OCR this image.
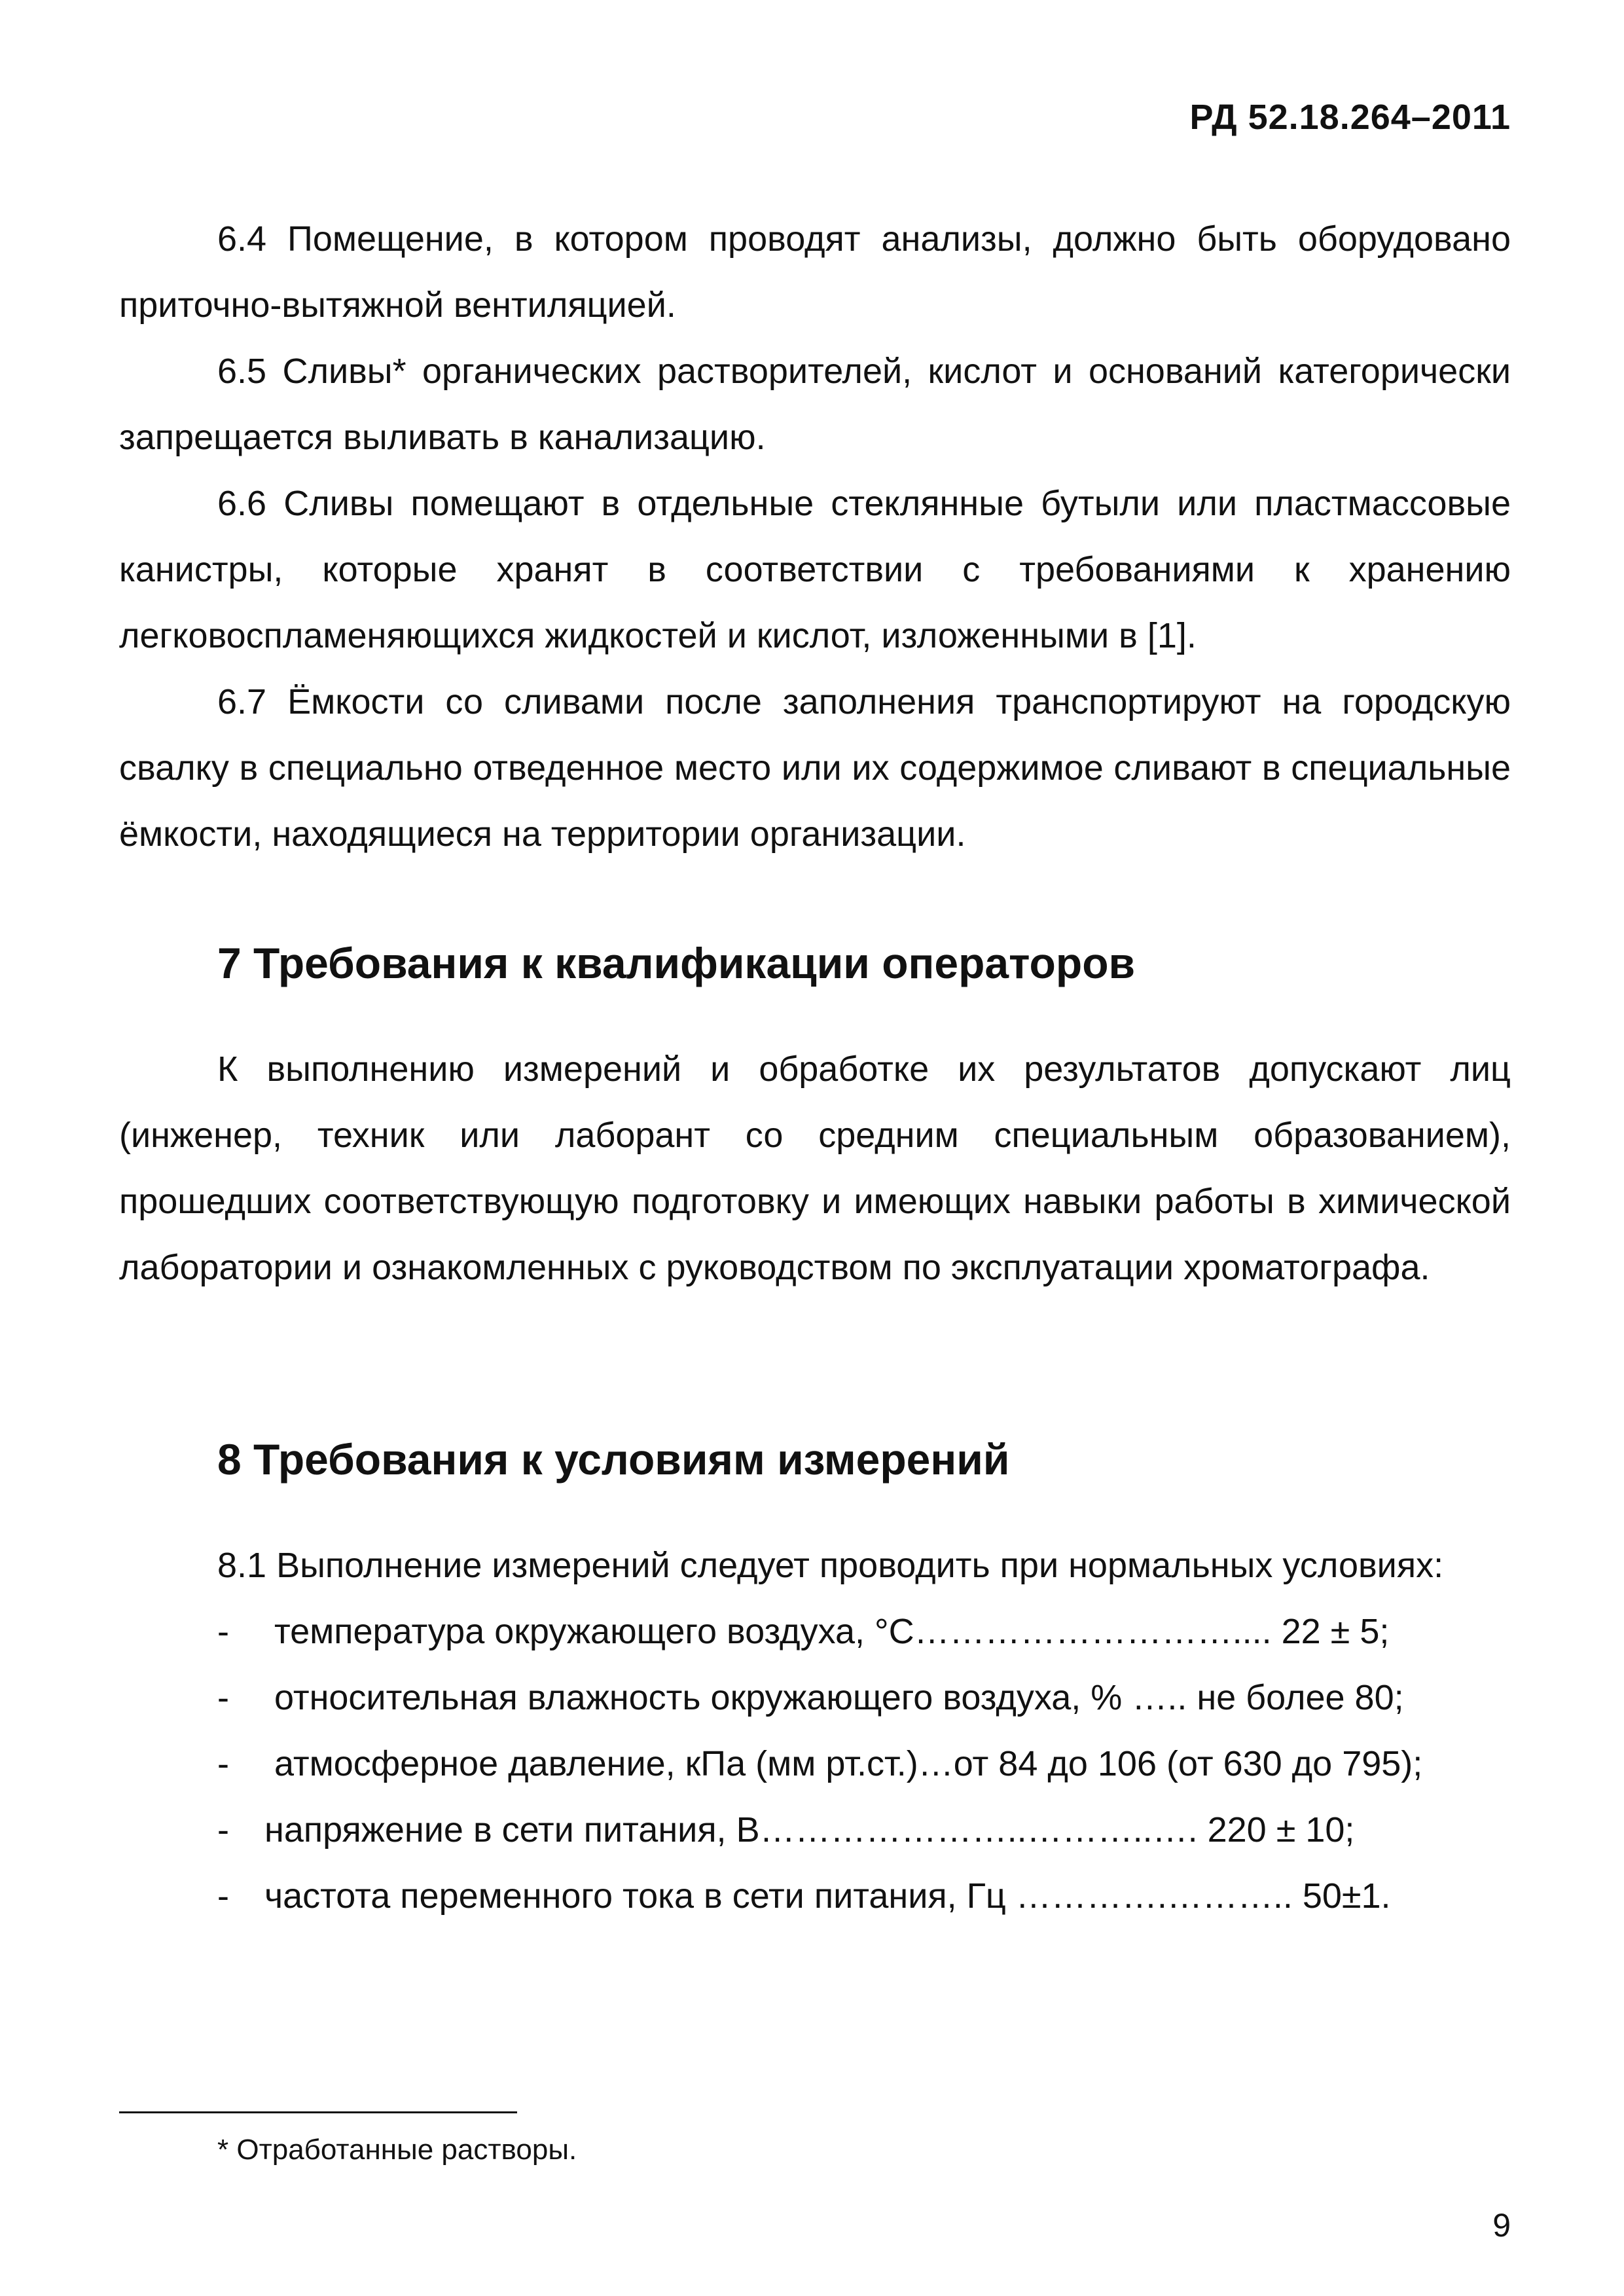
РД 52.18.264–2011

6.4 Помещение, в котором проводят анализы, должно быть оборудовано приточно-вытяжной вентиляцией.

6.5 Сливы* органических растворителей, кислот и оснований категорически запрещается выливать в канализацию.

6.6 Сливы помещают в отдельные стеклянные бутыли или пластмассовые канистры, которые хранят в соответствии с требованиями к хранению легковоспламеняющихся жидкостей и кислот, изложенными в [1].

6.7 Ёмкости со сливами после заполнения транспортируют на городскую свалку в специально отведенное место или их содержимое сливают в специальные ёмкости, находящиеся на территории организации.

7 Требования к квалификации операторов

К выполнению измерений и обработке их результатов допускают лиц (инженер, техник или лаборант со средним специальным образованием), прошедших соответствующую подготовку и имеющих навыки работы в химической лаборатории и ознакомленных с руководством по эксплуатации хроматографа.

8 Требования к условиям измерений

8.1 Выполнение измерений следует проводить при нормальных условиях:

- температура окружающего воздуха, °С……………………….... 22 ± 5;
- относительная влажность окружающего воздуха, % ….. не более 80;
- атмосферное давление, кПа (мм рт.ст.)…от 84 до 106 (от 630 до 795);
- напряжение в сети питания, В…………………..………..…. 220 ± 10;
- частота переменного тока в сети питания, Гц ………….……….. 50±1.
* Отработанные растворы.
9
